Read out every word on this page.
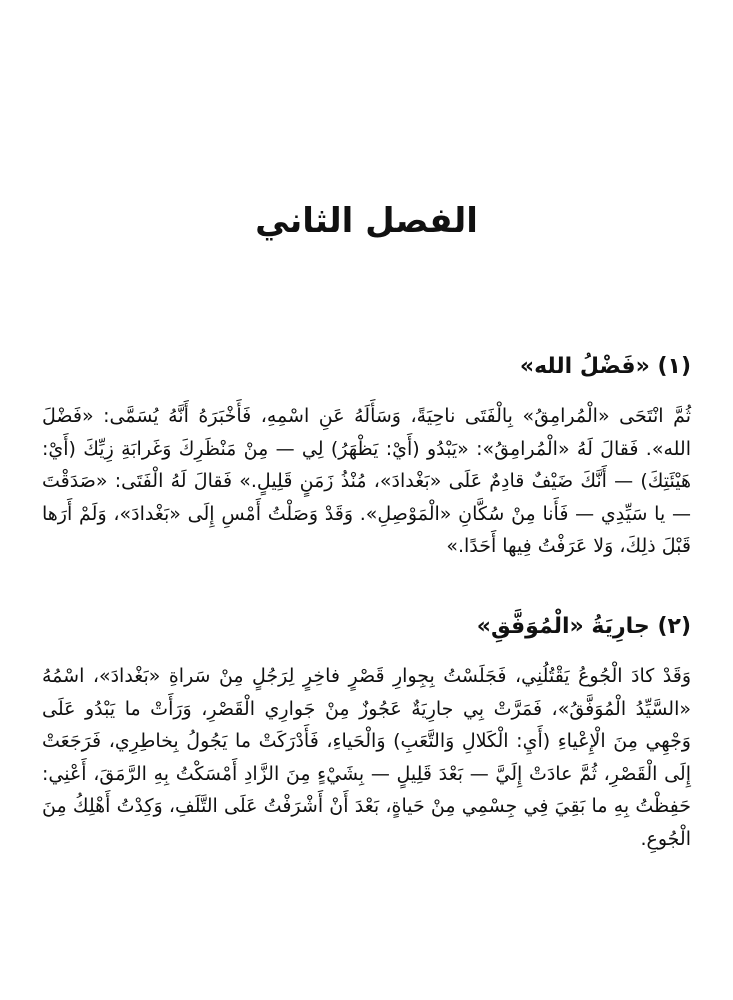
الفصل الثاني
(١) «فَضْلُ الله»

ثُمَّ انْتَحَى «الْمُرامِقُ» بِالْفَتَى ناحِيَةً، وَسَأَلَهُ عَنِ اسْمِهِ، فَأَخْبَرَهُ أَنَّهُ يُسَمَّى: «فَضْلَ الله». فَقالَ لَهُ «الْمُرامِقُ»: «يَبْدُو (أَيْ: يَظْهَرُ) لِي — مِنْ مَنْظَرِكَ وَغَرابَةِ زِيِّكَ (أَيْ: هَيْئَتِكَ) — أَنَّكَ ضَيْفٌ قادِمٌ عَلَى «بَغْدادَ»، مُنْذُ زَمَنٍ قَلِيلٍ.» فَقالَ لَهُ الْفَتَى: «صَدَقْتَ — يا سَيِّدِي — فَأَنا مِنْ سُكَّانِ «الْمَوْصِلِ». وَقَدْ وَصَلْتُ أَمْسِ إِلَى «بَغْدادَ»، وَلَمْ أَرَها قَبْلَ ذلِكَ، وَلا عَرَفْتُ فِيها أَحَدًا.»

(٢) جارِيَةُ «الْمُوَفَّقِ»

وَقَدْ كادَ الْجُوعُ يَقْتُلُنِي، فَجَلَسْتُ بِجِوارِ قَصْرٍ فاخِرٍ لِرَجُلٍ مِنْ سَراةِ «بَغْدادَ»، اسْمُهُ «السَّيِّدُ الْمُوَفَّقُ»، فَمَرَّتْ بِي جارِيَةٌ عَجُوزٌ مِنْ جَوارِي الْقَصْرِ، وَرَأَتْ ما يَبْدُو عَلَى وَجْهِي مِنَ الْإِعْياءِ (أَيِ: الْكَلالِ وَالتَّعَبِ) وَالْحَياءِ، فَأَدْرَكَتْ ما يَجُولُ بِخاطِرِي، فَرَجَعَتْ إِلَى الْقَصْرِ، ثُمَّ عادَتْ إِلَيَّ — بَعْدَ قَلِيلٍ — بِشَيْءٍ مِنَ الزَّادِ أَمْسَكْتُ بِهِ الرَّمَقَ، أَعْنِي: حَفِظْتُ بِهِ ما بَقِيَ فِي جِسْمِي مِنْ حَياةٍ، بَعْدَ أَنْ أَشْرَفْتُ عَلَى التَّلَفِ، وَكِدْتُ أَهْلِكُ مِنَ الْجُوعِ.
